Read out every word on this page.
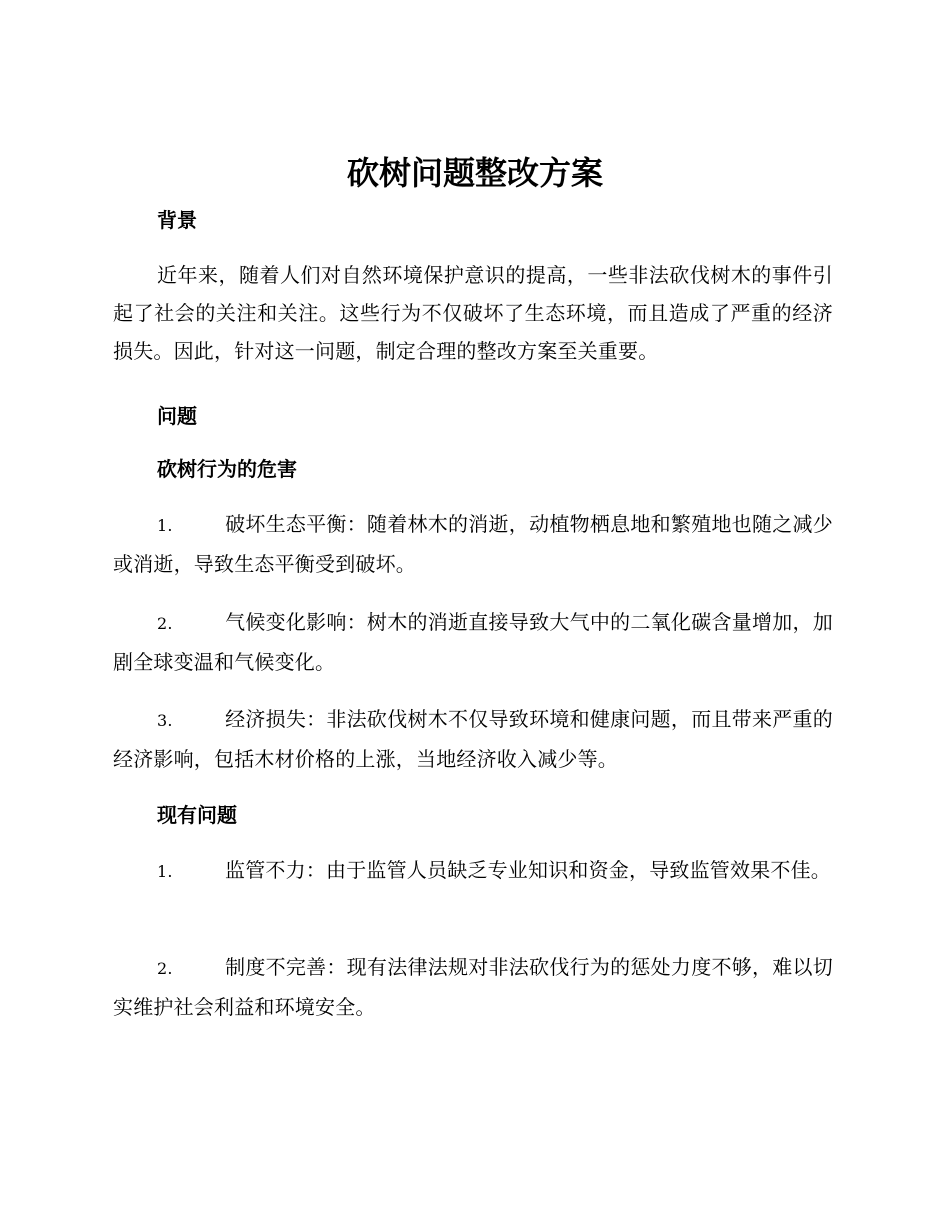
砍树问题整改方案
背景
近年来，随着人们对自然环境保护意识的提高，一些非法砍伐树木的事件引起了社会的关注和关注。这些行为不仅破坏了生态环境，而且造成了严重的经济损失。因此，针对这一问题，制定合理的整改方案至关重要。
问题
砍树行为的危害
1.	破坏生态平衡：随着林木的消逝，动植物栖息地和繁殖地也随之减少或消逝，导致生态平衡受到破坏。
2.	气候变化影响：树木的消逝直接导致大气中的二氧化碳含量增加，加剧全球变温和气候变化。
3.	经济损失：非法砍伐树木不仅导致环境和健康问题，而且带来严重的经济影响，包括木材价格的上涨，当地经济收入减少等。
现有问题
1.	监管不力：由于监管人员缺乏专业知识和资金，导致监管效果不佳。
2.	制度不完善：现有法律法规对非法砍伐行为的惩处力度不够，难以切实维护社会利益和环境安全。
